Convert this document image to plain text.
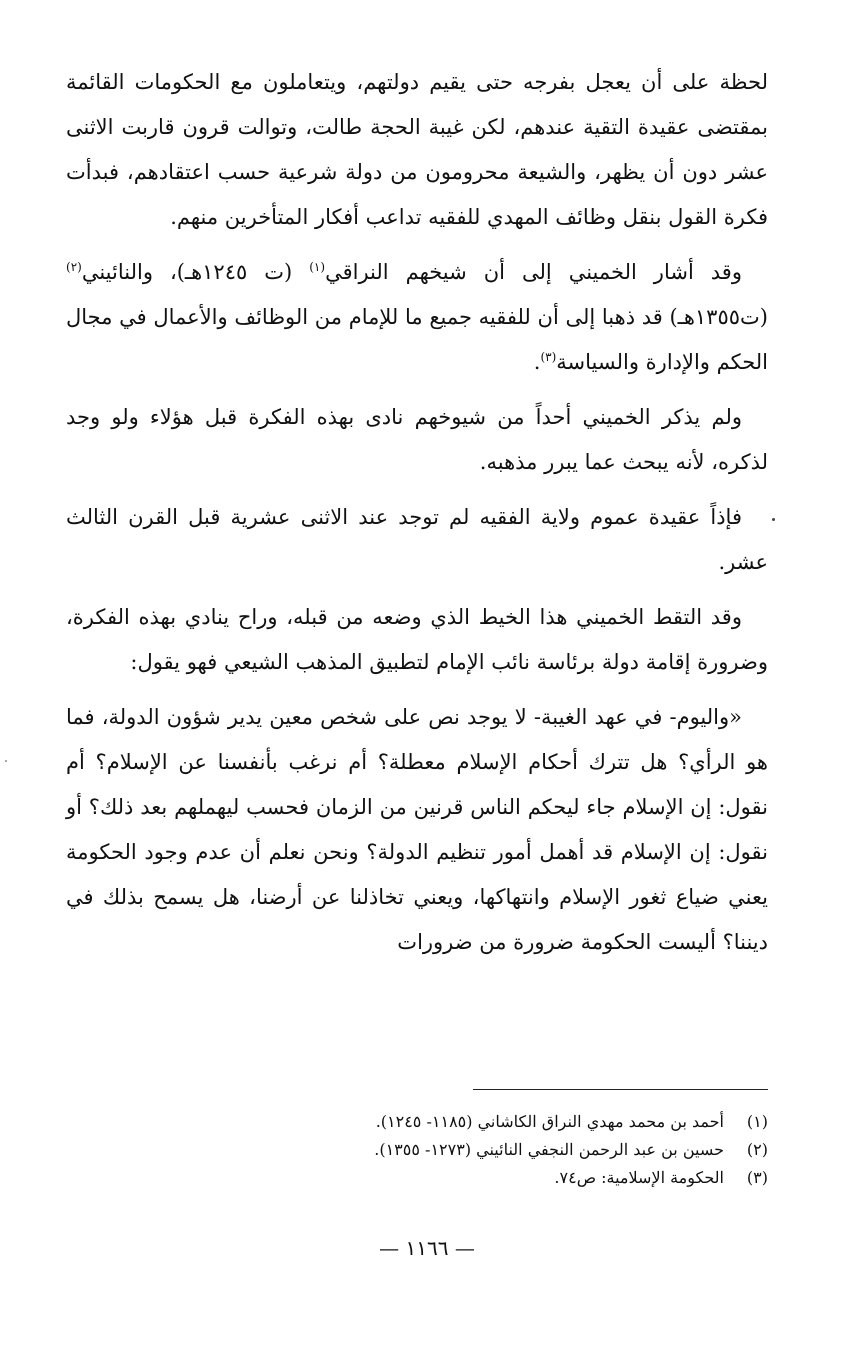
لحظة على أن يعجل بفرجه حتى يقيم دولتهم، ويتعاملون مع الحكومات القائمة بمقتضى عقيدة التقية عندهم، لكن غيبة الحجة طالت، وتوالت قرون قاربت الاثنى عشر دون أن يظهر، والشيعة محرومون من دولة شرعية حسب اعتقادهم، فبدأت فكرة القول بنقل وظائف المهدي للفقيه تداعب أفكار المتأخرين منهم.

وقد أشار الخميني إلى أن شيخهم النراقي$^{(١)}$ (ت ١٢٤٥هـ)، والنائيني$^{(٢)}$ (ت١٣٥٥هـ) قد ذهبا إلى أن للفقيه جميع ما للإمام من الوظائف والأعمال في مجال الحكم والإدارة والسياسة$^{(٣)}$.

ولم يذكر الخميني أحداً من شيوخهم نادى بهذه الفكرة قبل هؤلاء ولو وجد لذكره، لأنه يبحث عما يبرر مذهبه.

فإذاً عقيدة عموم ولاية الفقيه لم توجد عند الاثنى عشرية قبل القرن الثالث عشر.

وقد التقط الخميني هذا الخيط الذي وضعه من قبله، وراح ينادي بهذه الفكرة، وضرورة إقامة دولة برئاسة نائب الإمام لتطبيق المذهب الشيعي فهو يقول:

«واليوم- في عهد الغيبة- لا يوجد نص على شخص معين يدير شؤون الدولة، فما هو الرأي؟ هل تترك أحكام الإسلام معطلة؟ أم نرغب بأنفسنا عن الإسلام؟ أم نقول: إن الإسلام جاء ليحكم الناس قرنين من الزمان فحسب ليهملهم بعد ذلك؟ أو نقول: إن الإسلام قد أهمل أمور تنظيم الدولة؟ ونحن نعلم أن عدم وجود الحكومة يعني ضياع ثغور الإسلام وانتهاكها، ويعني تخاذلنا عن أرضنا، هل يسمح بذلك في ديننا؟ أليست الحكومة ضرورة من ضرورات

(١)
أحمد بن محمد مهدي النراق الكاشاني (١١٨٥- ١٢٤٥).
(٢)
حسين بن عبد الرحمن النجفي النائيني (١٢٧٣- ١٣٥٥).
(٣)
الحكومة الإسلامية: ص٧٤.
— ١١٦٦ —
